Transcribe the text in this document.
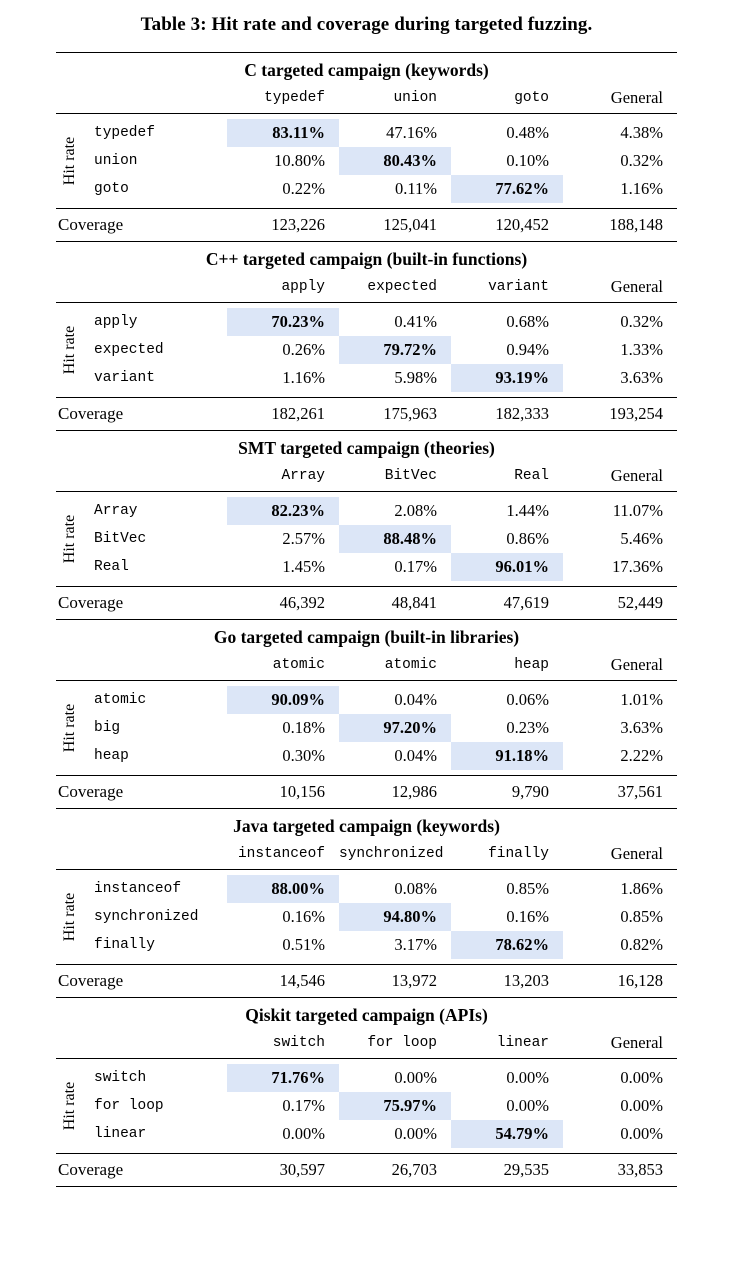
Table 3: Hit rate and coverage during targeted fuzzing.

C targeted campaign (keywords)					
		typedef	union	goto	General

Hit rate	typedef	83.11%	47.16%	0.48%	4.38%
	union	10.80%	80.43%	0.10%	0.32%
	goto	0.22%	0.11%	77.62%	1.16%

Coverage		123,226	125,041	120,452	188,148

C++ targeted campaign (built-in functions)					
		apply	expected	variant	General

Hit rate	apply	70.23%	0.41%	0.68%	0.32%
	expected	0.26%	79.72%	0.94%	1.33%
	variant	1.16%	5.98%	93.19%	3.63%

Coverage		182,261	175,963	182,333	193,254

SMT targeted campaign (theories)					
		Array	BitVec	Real	General

Hit rate	Array	82.23%	2.08%	1.44%	11.07%
	BitVec	2.57%	88.48%	0.86%	5.46%
	Real	1.45%	0.17%	96.01%	17.36%

Coverage		46,392	48,841	47,619	52,449

Go targeted campaign (built-in libraries)					
		atomic	atomic	heap	General

Hit rate	atomic	90.09%	0.04%	0.06%	1.01%
	big	0.18%	97.20%	0.23%	3.63%
	heap	0.30%	0.04%	91.18%	2.22%

Coverage		10,156	12,986	9,790	37,561

Java targeted campaign (keywords)					
		instanceof	synchronized	finally	General

Hit rate	instanceof	88.00%	0.08%	0.85%	1.86%
	synchronized	0.16%	94.80%	0.16%	0.85%
	finally	0.51%	3.17%	78.62%	0.82%

Coverage		14,546	13,972	13,203	16,128

Qiskit targeted campaign (APIs)					
		switch	for loop	linear	General

Hit rate	switch	71.76%	0.00%	0.00%	0.00%
	for loop	0.17%	75.97%	0.00%	0.00%
	linear	0.00%	0.00%	54.79%	0.00%

Coverage		30,597	26,703	29,535	33,853
